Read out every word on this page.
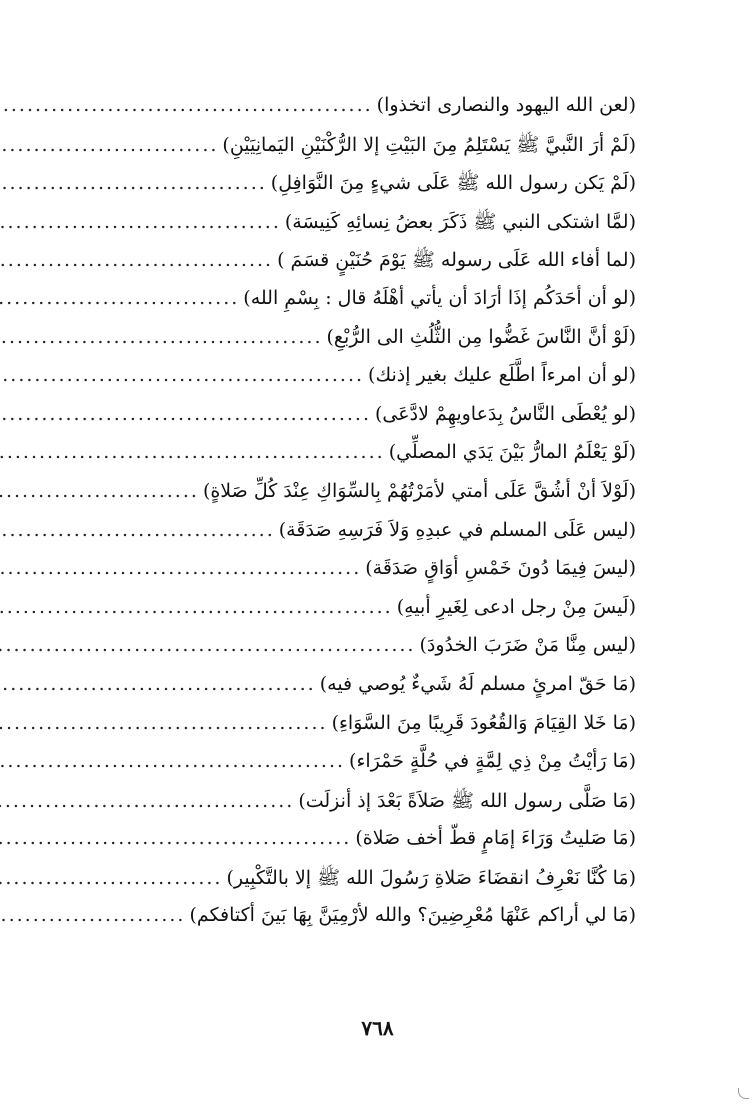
(لعن الله اليهود والنصارى اتخذوا)
.....
(لَمْ أرَ النَّبيَّ ﷺ يَسْتَلِمُ مِنَ البَيْتِ إلا الرُّكْنَيْنِ اليَمانِيَيْنِ)
.....
(لَمْ يَكن رسول الله ﷺ عَلَى شيءٍ مِنَ النَّوَافِلِ)
.....
(لمَّا اشتكى النبي ﷺ ذَكَرَ بعضُ نِسائِهِ كَنِيسَة)
.....
(لما أفاء الله عَلَى رسوله ﷺ يَوْمَ حُنَيْنٍ قسَمَ )
.....
(لو أن أحَدَكُم إذَا أرَادَ أن يأتي أهْلَهُ قال : بِسْمِ الله)
.....
(لَوْ أنَّ النَّاسَ غَضُّوا مِن الثُّلُثِ الى الرُّبْعِ)
.....
(لو أن امرءاً اطَّلَع عليك بغير إذنك)
.....
(لو يُعْطَى النَّاسُ بِدَعاويهِمْ لادَّعَى)
.....
(لَوْ يَعْلَمُ المارُّ بَيْنَ يَدَي المصلِّي)
.....
(لَوْلاَ أنْ أشُقَّ عَلَى أمتي لأمَرْتُهُمْ بِالسِّوَاكِ عِنْدَ كُلِّ صَلاةٍ)
.....
(ليس عَلَى المسلم في عبدِهِ وَلاَ فَرَسِهِ صَدَقَة)
.....
(ليسَ فِيمَا دُونَ خَمْسِ أوَاقٍ صَدَقَة)
.....
(لَيسَ مِنْ رجل ادعى لِغَيرِ أبيهِ)
.....
(ليس مِنَّا مَنْ ضَرَبَ الخدُودَ)
.....
(مَا حَقّ امرئٍ مسلم لَهُ شَيءٌ يُوصي فيه)
.....
(مَا خَلا القِيَامَ وَالقُعُودَ قَرِيبًا مِنَ السَّوَاءِ)
.....
(مَا رَأيْتُ مِنْ ذِي لِمَّةٍ في حُلَّةٍ حَمْرَاء)
.....
(مَا صَلَّى رسول الله ﷺ صَلاَةً بَعْدَ إذ أنزلَت)
.....
(مَا صَليتُ وَرَاءَ إمَامٍ قطّ أخف صَلاة)
.....
(مَا كُنَّا نَعْرِفُ انقضَاءَ صَلاةِ رَسُولَ الله ﷺ إلا بالتَّكْبِير)
.....
(مَا لي أراكم عَنْهَا مُعْرِضِينَ؟ والله لأرْمِيَنَّ بِهَا بَينَ أكتافكم)
.....
٧٦٨
